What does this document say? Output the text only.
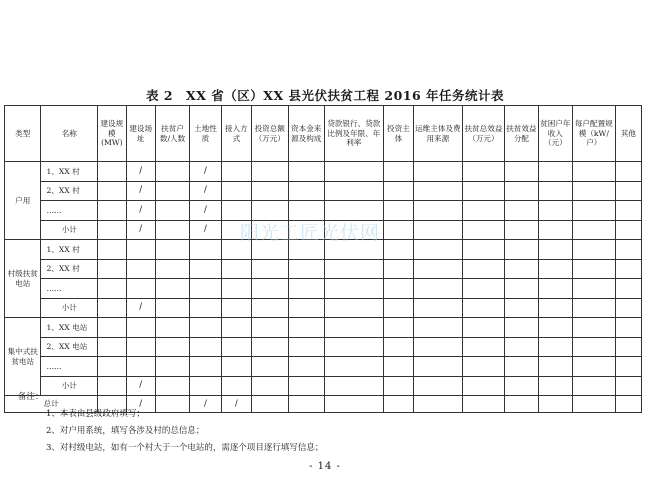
表 2　XX 省（区）XX 县光伏扶贫工程 2016 年任务统计表
类型	名称	建设规模(MW)	建设场址	扶贫户数/人数	土地性质	接入方式	投资总额（万元）	资本金来源及构成	贷款银行、贷款比例及年限、年利率	投资主体	运维主体及费用来源	扶贫总效益（万元）	扶贫效益分配	贫困户年收入（元）	每户配置规模（kW/户）	其他
户用	1、XX 村		/		/											
	2、XX 村		/		/											
	……		/		/											
	小计		/		/											
村级扶贫电站	1、XX 村															
	2、XX 村															
	……															
	小计		/													
集中式扶贫电站	1、XX 电站															
	2、XX 电站															
	……															
	小计		/													
总计			/		/	/										
阳光工匠光伏网
备注：
1、本表由县级政府填写；
2、对户用系统，填写各涉及村的总信息；
3、对村级电站，如有一个村大于一个电站的，需逐个项目逐行填写信息；
- 14 -
